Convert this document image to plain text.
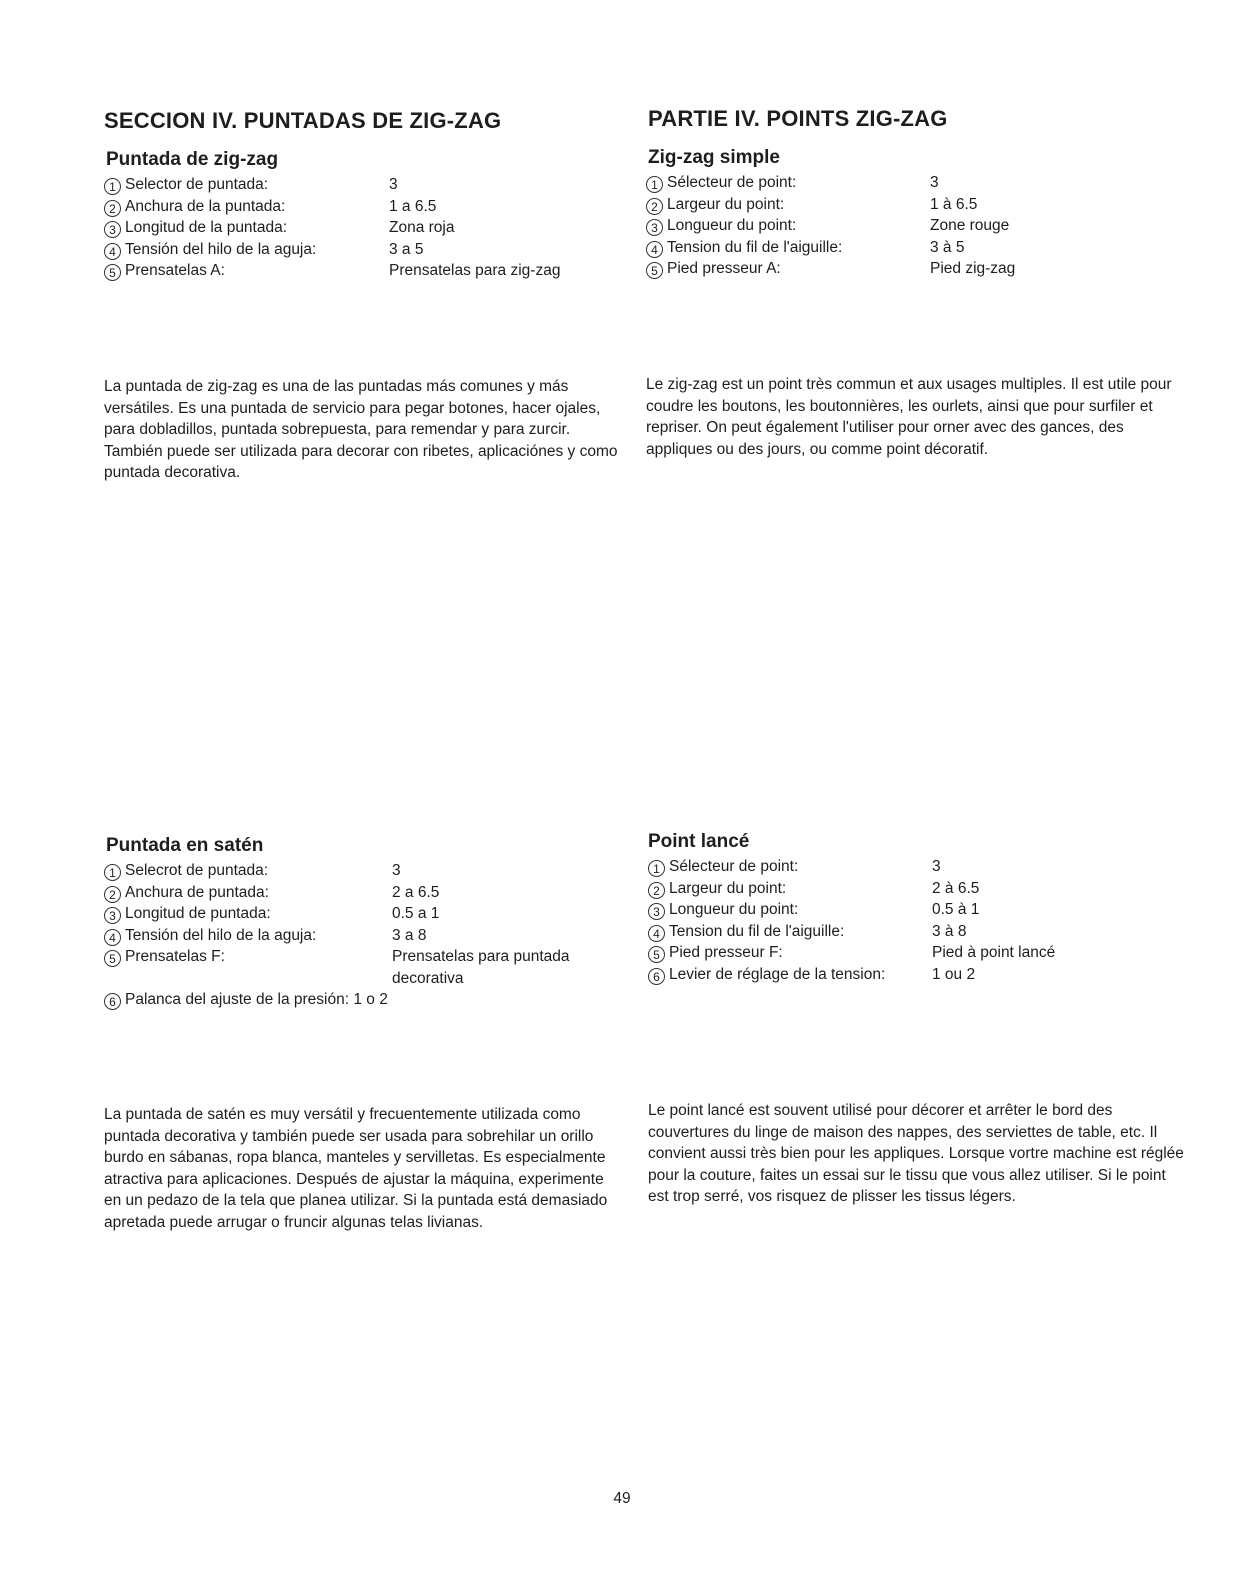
SECCION IV. PUNTADAS DE ZIG-ZAG
Puntada de zig-zag
1 Selector de puntada:	3
2 Anchura de la puntada:	1 a 6.5
3 Longitud de la puntada:	Zona roja
4 Tensión del hilo de la aguja:	3 a 5
5 Prensatelas A:	Prensatelas para zig-zag
La puntada de zig-zag es una de las puntadas más comunes y más versátiles. Es una puntada de servicio para pegar botones, hacer ojales, para dobladillos, puntada sobrepuesta, para remendar y para zurcir. También puede ser utilizada para decorar con ribetes, aplicaciónes y como puntada decorativa.
Puntada en satén
1 Selecrot de puntada:	3
2 Anchura de puntada:	2 a 6.5
3 Longitud de puntada:	0.5 a 1
4 Tensión del hilo de la aguja:	3 a 8
5 Prensatelas F:	Prensatelas para puntada decorativa
6 Palanca del ajuste de la presión: 1 o 2
La puntada de satén es muy versátil y frecuentemente utilizada como puntada decorativa y también puede ser usada para sobrehilar un orillo burdo en sábanas, ropa blanca, manteles y servilletas. Es especialmente atractiva para aplicaciones. Después de ajustar la máquina, experimente en un pedazo de la tela que planea utilizar. Si la puntada está demasiado apretada puede arrugar o fruncir algunas telas livianas.
PARTIE IV. POINTS ZIG-ZAG
Zig-zag simple
1 Sélecteur de point:	3
2 Largeur du point:	1 à 6.5
3 Longueur du point:	Zone rouge
4 Tension du fil de l'aiguille:	3 à 5
5 Pied presseur A:	Pied zig-zag
Le zig-zag est un point très commun et aux usages multiples. Il est utile pour coudre les boutons, les boutonnières, les ourlets, ainsi que pour surfiler et repriser. On peut également l'utiliser pour orner avec des gances, des appliques ou des jours, ou comme point décoratif.
Point lancé
1 Sélecteur de point:	3
2 Largeur du point:	2 à 6.5
3 Longueur du point:	0.5 à 1
4 Tension du fil de l'aiguille:	3 à 8
5 Pied presseur F:	Pied à point lancé
6 Levier de réglage de la tension:	1 ou 2
Le point lancé est souvent utilisé pour décorer et arrêter le bord des couvertures du linge de maison des nappes, des serviettes de table, etc. Il convient aussi très bien pour les appliques. Lorsque vortre machine est réglée pour la couture, faites un essai sur le tissu que vous allez utiliser. Si le point est trop serré, vos risquez de plisser les tissus légers.
49
